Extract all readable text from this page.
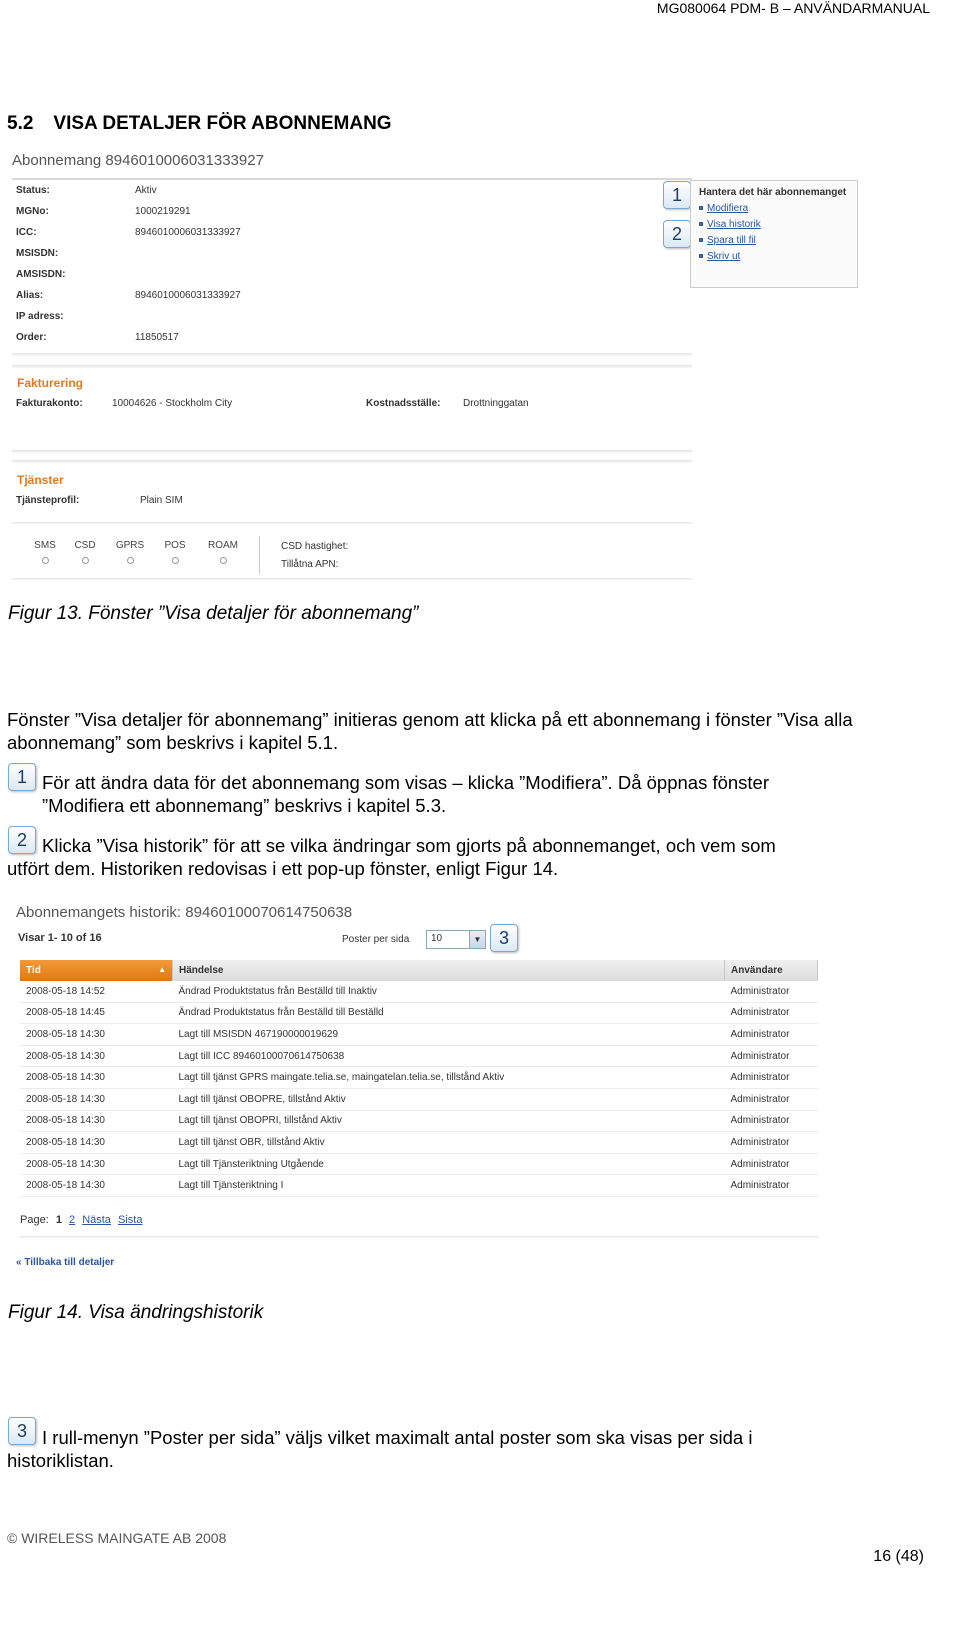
MG080064 PDM- B – ANVÄNDARMANUAL
5.2 VISA DETALJER FÖR ABONNEMANG
Abonnemang 8946010006031333927
Status:	Aktiv
MGNo:	1000219291
ICC:	8946010006031333927
MSISDN:
AMSISDN:
Alias:	8946010006031333927
IP adress:
Order:	11850517
Fakturering
Fakturakonto:	10004626 - Stockholm City	Kostnadsställe: Drottninggatan
Tjänster
Tjänsteprofil:	Plain SIM
SMS	CSD	GPRS	POS	ROAM	CSD hastighet:
Tillåtna APN:
1
2
Hantera det här abonnemanget
Modifiera
Visa historik
Spara till fil
Skriv ut
Figur 13. Fönster ”Visa detaljer för abonnemang”
Fönster ”Visa detaljer för abonnemang” initieras genom att klicka på ett abonnemang i fönster ”Visa alla abonnemang” som beskrivs i kapitel 5.1.
1 För att ändra data för det abonnemang som visas – klicka ”Modifiera”. Då öppnas fönster
”Modifiera ett abonnemang” beskrivs i kapitel 5.3.
2 Klicka ”Visa historik” för att se vilka ändringar som gjorts på abonnemanget, och vem som
utfört dem. Historiken redovisas i ett pop-up fönster, enligt Figur 14.
Abonnemangets historik: 89460100070614750638
Visar 1- 10 of 16	Poster per sida 10	▼ 3
Tid ▲	Händelse	Användare
2008-05-18 14:52	Ändrad Produktstatus från Beställd till Inaktiv	Administrator
2008-05-18 14:45	Ändrad Produktstatus från Beställd till Beställd	Administrator
2008-05-18 14:30	Lagt till MSISDN 467190000019629	Administrator
2008-05-18 14:30	Lagt till ICC 89460100070614750638	Administrator
2008-05-18 14:30	Lagt till tjänst GPRS maingate.telia.se, maingatelan.telia.se, tillstånd Aktiv	Administrator
2008-05-18 14:30	Lagt till tjänst OBOPRE, tillstånd Aktiv	Administrator
2008-05-18 14:30	Lagt till tjänst OBOPRI, tillstånd Aktiv	Administrator
2008-05-18 14:30	Lagt till tjänst OBR, tillstånd Aktiv	Administrator
2008-05-18 14:30	Lagt till Tjänsteriktning Utgående	Administrator
2008-05-18 14:30	Lagt till Tjänsteriktning I	Administrator
Page: 1 2 Nästa Sista
« Tillbaka till detaljer
Figur 14. Visa ändringshistorik
3 I rull-menyn ”Poster per sida” väljs vilket maximalt antal poster som ska visas per sida i
historiklistan.
© WIRELESS MAINGATE AB 2008
16 (48)
